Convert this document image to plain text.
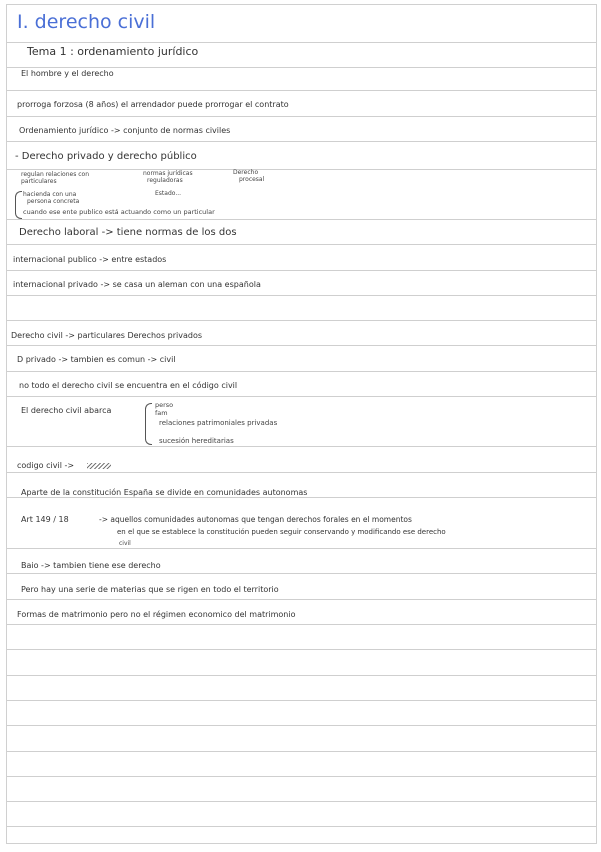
I. derecho civil
Tema 1 : ordenamiento jurídico
El hombre y el derecho
prorroga forzosa (8 años) el arrendador puede prorrogar el contrato
Ordenamiento jurídico -> conjunto de normas civiles
- Derecho privado y derecho público
regulan relaciones con
particulares
normas jurídicas
reguladoras
Estado...
Derecho
procesal
hacienda con una
persona concreta
cuando ese ente publico está actuando como un particular
Derecho laboral -> tiene normas de los dos
internacional publico -> entre estados
internacional privado -> se casa un aleman con una española
Derecho civil -> particulares Derechos privados
D privado -> tambien es comun -> civil
no todo el derecho civil se encuentra en el código civil
El derecho civil abarca
perso
fam
relaciones patrimoniales privadas
sucesión hereditarias
codigo civil ->
Aparte de la constitución España se divide en comunidades autonomas
Art 149 / 18	-> aquellos comunidades autonomas que tengan derechos forales en el momentos
en el que se establece la constitución pueden seguir conservando y modificando ese derecho
civil
Baio -> tambien tiene ese derecho
Pero hay una serie de materias que se rigen en todo el territorio
Formas de matrimonio pero no el régimen economico del matrimonio
